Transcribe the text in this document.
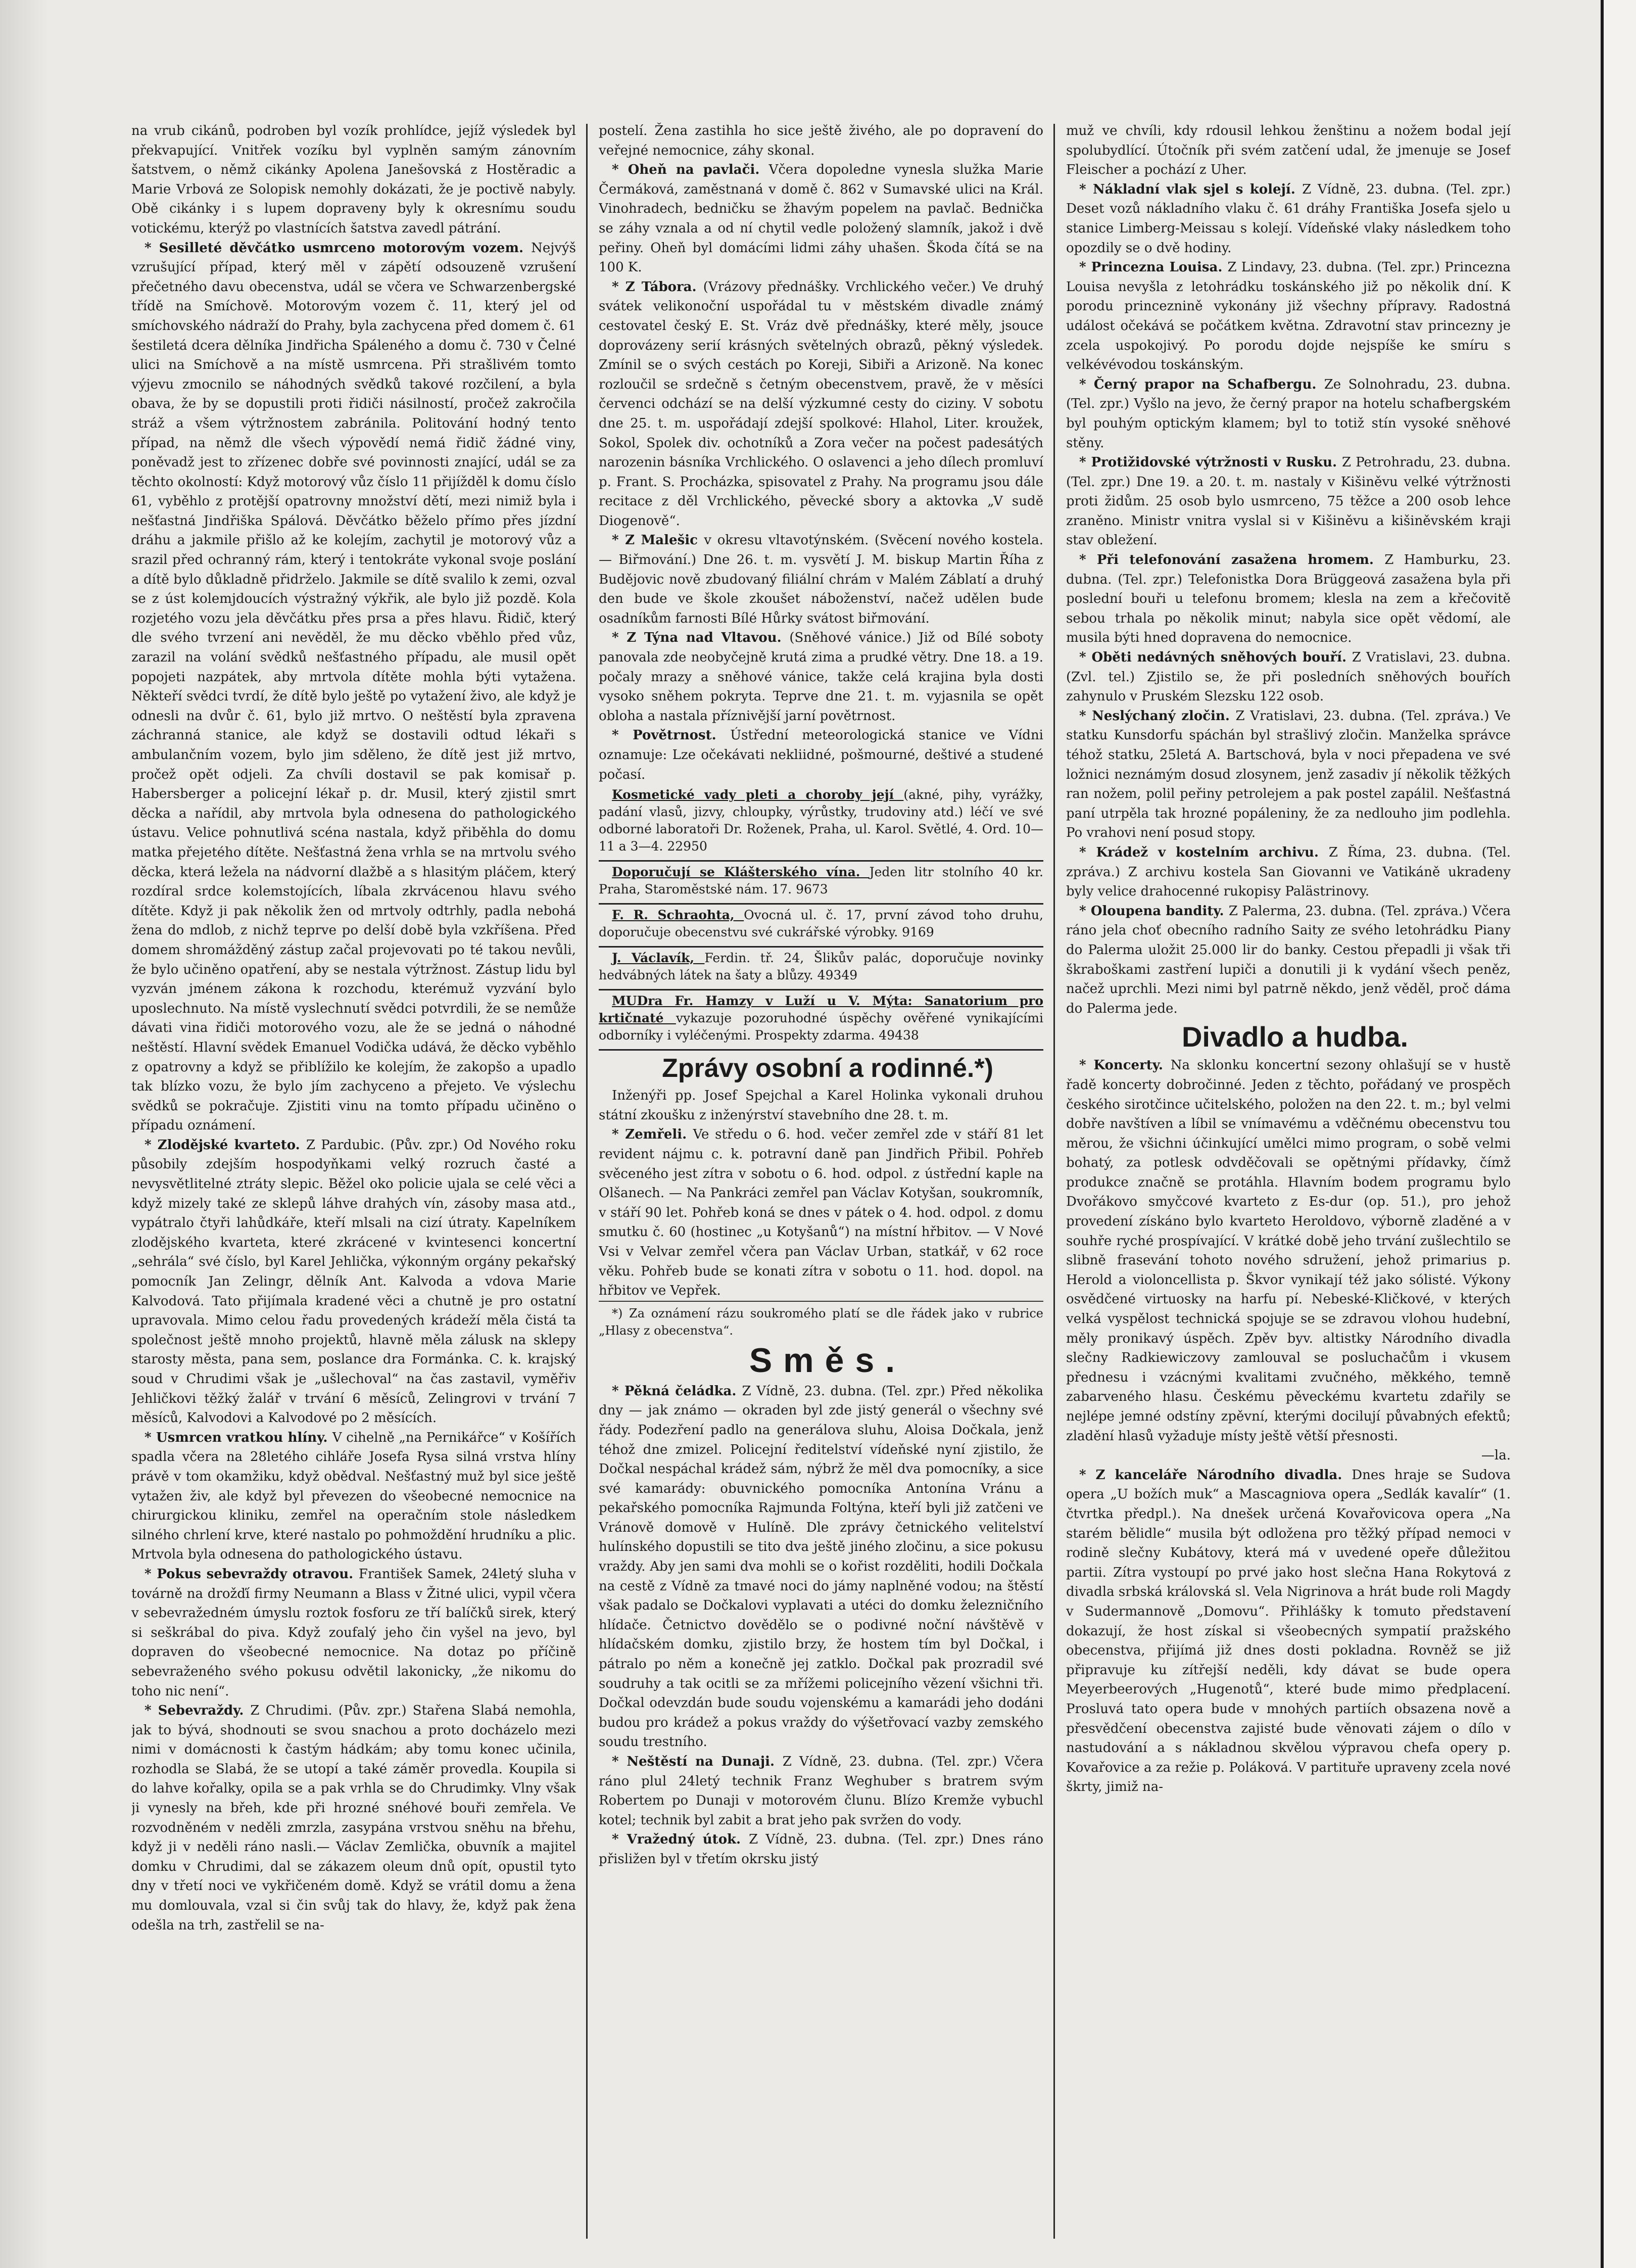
na vrub cikánů, podroben byl vozík prohlídce, jejíž výsledek byl překvapující. Vnitřek vozíku byl vyplněn samým zánovním šatstvem, o němž cikánky Apolena Janešovská z Hostěradic a Marie Vrbová ze Solopisk nemohly dokázati, že je poctivě nabyly. Obě cikánky i s lupem dopraveny byly k okresnímu soudu votickému, kterýž po vlastnících šatstva zavedl pátrání.

* Sesilleté děvčátko usmrceno motorovým vozem. Nejvýš vzrušující případ, který měl v zápětí odsouzeně vzrušení přečetného davu obecenstva, udál se včera ve Schwarzenbergské třídě na Smíchově. Motorovým vozem č. 11, který jel od smíchovského nádraží do Prahy, byla zachycena před domem č. 61 šestiletá dcera dělníka Jindřicha Spáleného a domu č. 730 v Čelné ulici na Smíchově a na místě usmrcena. Při strašlivém tomto výjevu zmocnilo se náhodných svědků takové rozčilení, a byla obava, že by se dopustili proti řidiči násilností, pročež zakročila stráž a všem výtržnostem zabránila. Politování hodný tento případ, na němž dle všech výpovědí nemá řidič žádné viny, poněvadž jest to zřízenec dobře své povinnosti znající, udál se za těchto okolností: Když motorový vůz číslo 11 přijížděl k domu číslo 61, vyběhlo z protější opatrovny množství dětí, mezi nimiž byla i nešťastná Jindřiška Spálová. Děvčátko běželo přímo přes jízdní dráhu a jakmile přišlo až ke kolejím, zachytil je motorový vůz a srazil před ochranný rám, který i tentokráte vykonal svoje poslání a dítě bylo důkladně přidrželo. Jakmile se dítě svalilo k zemi, ozval se z úst kolemjdoucích výstražný výkřik, ale bylo již pozdě. Kola rozjetého vozu jela děvčátku přes prsa a přes hlavu. Řidič, který dle svého tvrzení ani nevěděl, že mu děcko vběhlo před vůz, zarazil na volání svědků nešťastného případu, ale musil opět popojeti nazpátek, aby mrtvola dítěte mohla býti vytažena. Někteří svědci tvrdí, že dítě bylo ještě po vytažení živo, ale když je odnesli na dvůr č. 61, bylo již mrtvo. O neštěstí byla zpravena záchranná stanice, ale když se dostavili odtud lékaři s ambulančním vozem, bylo jim sděleno, že dítě jest již mrtvo, pročež opět odjeli. Za chvíli dostavil se pak komisař p. Habersberger a policejní lékař p. dr. Musil, který zjistil smrt děcka a nařídil, aby mrtvola byla odnesena do pathologického ústavu. Velice pohnutlivá scéna nastala, když přiběhla do domu matka přejetého dítěte. Nešťastná žena vrhla se na mrtvolu svého děcka, která ležela na nádvorní dlažbě a s hlasitým pláčem, který rozdíral srdce kolemstojících, líbala zkrvácenou hlavu svého dítěte. Když ji pak několik žen od mrtvoly odtrhly, padla nebohá žena do mdlob, z nichž teprve po delší době byla vzkříšena. Před domem shromážděný zástup začal projevovati po té takou nevůli, že bylo učiněno opatření, aby se nestala výtržnost. Zástup lidu byl vyzván jménem zákona k rozchodu, kterémuž vyzvání bylo uposlechnuto. Na místě vyslechnutí svědci potvrdili, že se nemůže dávati vina řidiči motorového vozu, ale že se jedná o náhodné neštěstí. Hlavní svědek Emanuel Vodička udává, že děcko vyběhlo z opatrovny a když se přiblížilo ke kolejím, že zakopšo a upadlo tak blízko vozu, že bylo jím zachyceno a přejeto. Ve výslechu svědků se pokračuje. Zjistiti vinu na tomto případu učiněno o případu oznámení.

* Zlodějské kvarteto. Z Pardubic. (Pův. zpr.) Od Nového roku působily zdejším hospodyňkami velký rozruch časté a nevysvětlitelné ztráty slepic. Běžel oko policie ujala se celé věci a když mizely také ze sklepů láhve drahých vín, zásoby masa atd., vypátralo čtyři lahůdkáře, kteří mlsali na cizí útraty. Kapelníkem zlodějského kvarteta, které zkrácené v kvintesenci koncertní „sehrála“ své číslo, byl Karel Jehlička, výkonným orgány pekařský pomocník Jan Zelingr, dělník Ant. Kalvoda a vdova Marie Kalvodová. Tato přijímala kradené věci a chutně je pro ostatní upravovala. Mimo celou řadu provedených krádeží měla čistá ta společnost ještě mnoho projektů, hlavně měla zálusk na sklepy starosty města, pana sem, poslance dra Formánka. C. k. krajský soud v Chrudimi však je „ušlechoval“ na čas zastavil, vyměřiv Jehličkovi těžký žalář v trvání 6 měsíců, Zelingrovi v trvání 7 měsíců, Kalvodovi a Kalvodové po 2 měsících.

* Usmrcen vratkou hlíny. V cihelně „na Pernikářce“ v Košířích spadla včera na 28letého cihláře Josefa Rysa silná vrstva hlíny právě v tom okamžiku, když obědval. Nešťastný muž byl sice ještě vytažen živ, ale když byl převezen do všeobecné nemocnice na chirurgickou kliniku, zemřel na operačním stole následkem silného chrlení krve, které nastalo po pohmoždění hrudníku a plic. Mrtvola byla odnesena do pathologického ústavu.

* Pokus sebevraždy otravou. František Samek, 24letý sluha v továrně na drožďí firmy Neumann a Blass v Žitné ulici, vypil včera v sebevražedném úmyslu roztok fosforu ze tří balíčků sirek, který si seškrábal do piva. Když zoufalý jeho čin vyšel na jevo, byl dopraven do všeobecné nemocnice. Na dotaz po příčině sebevraženého svého pokusu odvětil lakonicky, „že nikomu do toho nic není“.

* Sebevraždy. Z Chrudimi. (Pův. zpr.) Stařena Slabá nemohla, jak to bývá, shodnouti se svou snachou a proto docházelo mezi nimi v domácnosti k častým hádkám; aby tomu konec učinila, rozhodla se Slabá, že se utopí a také záměr provedla. Koupila si do lahve kořalky, opila se a pak vrhla se do Chrudimky. Vlny však ji vynesly na břeh, kde při hrozné snéhové bouři zemřela. Ve rozvodněném v neděli zmrzla, zasypána vrstvou sněhu na břehu, když ji v neděli ráno nasli.— Václav Zemlička, obuvník a majitel domku v Chrudimi, dal se zákazem oleum dnů opít, opustil tyto dny v třetí noci ve vykřičeném domě. Když se vrátil domu a žena mu domlouvala, vzal si čin svůj tak do hlavy, že, když pak žena odešla na trh, zastřelil se na-

postelí. Žena zastihla ho sice ještě živého, ale po dopravení do veřejné nemocnice, záhy skonal.

* Oheň na pavlači. Včera dopoledne vynesla služka Marie Čermáková, zaměstnaná v domě č. 862 v Sumavské ulici na Král. Vinohradech, bedničku se žhavým popelem na pavlač. Bednička se záhy vznala a od ní chytil vedle položený slamník, jakož i dvě peřiny. Oheň byl domácími lidmi záhy uhašen. Škoda čítá se na 100 K.

* Z Tábora. (Vrázovy přednášky. Vrchlického večer.) Ve druhý svátek velikonoční uspořádal tu v městském divadle známý cestovatel český E. St. Vráz dvě přednášky, které měly, jsouce doprovázeny serií krásných světelných obrazů, pěkný výsledek. Zmínil se o svých cestách po Koreji, Sibiři a Arizoně. Na konec rozloučil se srdečně s četným obecenstvem, pravě, že v měsíci červenci odchází se na delší výzkumné cesty do ciziny. V sobotu dne 25. t. m. uspořádají zdejší spolkové: Hlahol, Liter. kroužek, Sokol, Spolek div. ochotníků a Zora večer na počest padesátých narozenin básníka Vrchlického. O oslavenci a jeho dílech promluví p. Frant. S. Procházka, spisovatel z Prahy. Na programu jsou dále recitace z děl Vrchlického, pěvecké sbory a aktovka „V sudě Diogenově“.

* Z Malešic v okresu vltavotýnském. (Svěcení nového kostela. — Biřmování.) Dne 26. t. m. vysvětí J. M. biskup Martin Říha z Budějovic nově zbudovaný filiální chrám v Malém Záblatí a druhý den bude ve škole zkoušet náboženství, načež udělen bude osadníkům farnosti Bílé Hůrky svátost biřmování.

* Z Týna nad Vltavou. (Sněhové vánice.) Již od Bílé soboty panovala zde neobyčejně krutá zima a prudké větry. Dne 18. a 19. počaly mrazy a sněhové vánice, takže celá krajina byla dosti vysoko sněhem pokryta. Teprve dne 21. t. m. vyjasnila se opět obloha a nastala příznivější jarní povětrnost.

* Povětrnost. Ústřední meteorologická stanice ve Vídni oznamuje: Lze očekávati nekliidné, pošmourné, deštivé a studené počasí.

Kosmetické vady pleti a choroby její (akné, pihy, vyrážky, padání vlasů, jizvy, chloupky, výrůstky, trudoviny atd.) léčí ve své odborné laboratoři Dr. Roženek, Praha, ul. Karol. Světlé, 4. Ord. 10—11 a 3—4. 22950

Doporučují se Klášterského vína. Jeden litr stolního 40 kr. Praha, Staroměstské nám. 17. 9673

F. R. Schraohta, Ovocná ul. č. 17, první závod toho druhu, doporučuje obecenstvu své cukrářské výrobky. 9169

J. Václavík, Ferdin. tř. 24, Šlikův palác, doporučuje novinky hedvábných látek na šaty a blůzy. 49349

MUDra Fr. Hamzy v Luží u V. Mýta: Sanatorium pro krtičnaté vykazuje pozoruhodné úspěchy ověřené vynikajícími odborníky i vyléčenými. Prospekty zdarma. 49438

Zprávy osobní a rodinné.*)

Inženýři pp. Josef Spejchal a Karel Holinka vykonali druhou státní zkoušku z inženýrství stavebního dne 28. t. m.

* Zemřeli. Ve středu o 6. hod. večer zemřel zde v stáří 81 let revident nájmu c. k. potravní daně pan Jindřich Přibil. Pohřeb svěceného jest zítra v sobotu o 6. hod. odpol. z ústřední kaple na Olšanech. — Na Pankráci zemřel pan Václav Kotyšan, soukromník, v stáří 90 let. Pohřeb koná se dnes v pátek o 4. hod. odpol. z domu smutku č. 60 (hostinec „u Kotyšanů“) na místní hřbitov. — V Nové Vsi v Velvar zemřel včera pan Václav Urban, statkář, v 62 roce věku. Pohřeb bude se konati zítra v sobotu o 11. hod. dopol. na hřbitov ve Vepřek.

*) Za oznámení rázu soukromého platí se dle řádek jako v rubrice „Hlasy z obecenstva“.

Směs.

* Pěkná čeládka. Z Vídně, 23. dubna. (Tel. zpr.) Před několika dny — jak známo — okraden byl zde jistý generál o všechny své řády. Podezření padlo na generálova sluhu, Aloisa Dočkala, jenž téhož dne zmizel. Policejní ředitelství vídeňské nyní zjistilo, že Dočkal nespáchal krádež sám, nýbrž že měl dva pomocníky, a sice své kamarády: obuvnického pomocníka Antonína Vránu a pekařského pomocníka Rajmunda Foltýna, kteří byli již zatčeni ve Vránově domově v Hulíně. Dle zprávy četnického velitelství hulínského dopustili se tito dva ještě jiného zločinu, a sice pokusu vraždy. Aby jen sami dva mohli se o kořist rozděliti, hodili Dočkala na cestě z Vídně za tmavé noci do jámy naplněné vodou; na štěstí však padalo se Dočkalovi vyplavati a utéci do domku železničního hlídače. Četnictvo dovědělo se o podivné noční návštěvě v hlídačském domku, zjistilo brzy, že hostem tím byl Dočkal, i pátralo po něm a konečně jej zatklo. Dočkal pak prozradil své soudruhy a tak ocitli se za mřížemi policejního vězení všichni tři. Dočkal odevzdán bude soudu vojenskému a kamarádi jeho dodáni budou pro krádež a pokus vraždy do výšetřovací vazby zemského soudu trestního.

* Neštěstí na Dunaji. Z Vídně, 23. dubna. (Tel. zpr.) Včera ráno plul 24letý technik Franz Weghuber s bratrem svým Robertem po Dunaji v motorovém člunu. Blízo Kremže vybuchl kotel; technik byl zabit a brat jeho pak svržen do vody.

* Vražedný útok. Z Vídně, 23. dubna. (Tel. zpr.) Dnes ráno přisližen byl v třetím okrsku jistý

muž ve chvíli, kdy rdousil lehkou ženštinu a nožem bodal její spolubydlící. Útočník při svém zatčení udal, že jmenuje se Josef Fleischer a pochází z Uher.

* Nákladní vlak sjel s kolejí. Z Vídně, 23. dubna. (Tel. zpr.) Deset vozů nákladního vlaku č. 61 dráhy Františka Josefa sjelo u stanice Limberg-Meissau s kolejí. Vídeňské vlaky následkem toho opozdily se o dvě hodiny.

* Princezna Louisa. Z Lindavy, 23. dubna. (Tel. zpr.) Princezna Louisa nevyšla z letohrádku toskánského již po několik dní. K porodu princeznině vykonány již všechny přípravy. Radostná událost očekává se počátkem května. Zdravotní stav princezny je zcela uspokojivý. Po porodu dojde nejspíše ke smíru s velkévévodou toskánským.

* Černý prapor na Schafbergu. Ze Solnohradu, 23. dubna. (Tel. zpr.) Vyšlo na jevo, že černý prapor na hotelu schafbergském byl pouhým optickým klamem; byl to totiž stín vysoké sněhové stěny.

* Protižidovské výtržnosti v Rusku. Z Petrohradu, 23. dubna. (Tel. zpr.) Dne 19. a 20. t. m. nastaly v Kišiněvu velké výtržnosti proti židům. 25 osob bylo usmrceno, 75 těžce a 200 osob lehce zraněno. Ministr vnitra vyslal si v Kišiněvu a kišiněvském kraji stav obležení.

* Při telefonování zasažena hromem. Z Hamburku, 23. dubna. (Tel. zpr.) Telefonistka Dora Brüggeová zasažena byla při poslední bouři u telefonu bromem; klesla na zem a křečovitě sebou trhala po několik minut; nabyla sice opět vědomí, ale musila býti hned dopravena do nemocnice.

* Oběti nedávných sněhových bouří. Z Vratislavi, 23. dubna. (Zvl. tel.) Zjistilo se, že při posledních sněhových bouřích zahynulo v Pruském Slezsku 122 osob.

* Neslýchaný zločin. Z Vratislavi, 23. dubna. (Tel. zpráva.) Ve statku Kunsdorfu spáchán byl strašlivý zločin. Manželka správce téhož statku, 25letá A. Bartschová, byla v noci přepadena ve své ložnici neznámým dosud zlosynem, jenž zasadiv jí několik těžkých ran nožem, polil peřiny petrolejem a pak postel zapálil. Nešťastná paní utrpěla tak hrozné popáleniny, že za nedlouho jim podlehla. Po vrahovi není posud stopy.

* Krádež v kostelním archivu. Z Říma, 23. dubna. (Tel. zpráva.) Z archivu kostela San Giovanni ve Vatikáně ukradeny byly velice drahocenné rukopisy Palästrinovy.

* Oloupena bandity. Z Palerma, 23. dubna. (Tel. zpráva.) Včera ráno jela choť obecního radního Saity ze svého letohrádku Piany do Palerma uložit 25.000 lir do banky. Cestou přepadli ji však tři škraboškami zastření lupiči a donutili ji k vydání všech peněz, načež uprchli. Mezi nimi byl patrně někdo, jenž věděl, proč dáma do Palerma jede.

Divadlo a hudba.

* Koncerty. Na sklonku koncertní sezony ohlašují se v hustě řadě koncerty dobročinné. Jeden z těchto, pořádaný ve prospěch českého sirotčince učitelského, položen na den 22. t. m.; byl velmi dobře navštíven a líbil se vnímavému a vděčnému obecenstvu tou měrou, že všichni účinkující umělci mimo program, o sobě velmi bohatý, za potlesk odvděčovali se opětnými přídavky, čímž produkce značně se protáhla. Hlavním bodem programu bylo Dvořákovo smyčcové kvarteto z Es-dur (op. 51.), pro jehož provedení získáno bylo kvarteto Heroldovo, výborně zladěné a v souhře ryché prospívající. V krátké době jeho trvání zušlechtilo se slibně frasevání tohoto nového sdružení, jehož primarius p. Herold a violoncellista p. Škvor vynikají též jako sólisté. Výkony osvědčené virtuosky na harfu pí. Nebeské-Kličkové, v kterých velká vyspělost technická spojuje se se zdravou vlohou hudební, měly pronikavý úspěch. Zpěv byv. altistky Národního divadla slečny Radkiewiczovy zamlouval se posluchačům i vkusem přednesu i vzácnými kvalitami zvučného, měkkého, temně zabarveného hlasu. Českému pěveckému kvartetu zdařily se nejlépe jemné odstíny zpěvní, kterými docilují půvabných efektů; zladění hlasů vyžaduje místy ještě větší přesnosti.

—la.

* Z kanceláře Národního divadla. Dnes hraje se Sudova opera „U božích muk“ a Mascagniova opera „Sedlák kavalír“ (1. čtvrtka předpl.). Na dnešek určená Kovařovicova opera „Na starém bělidle“ musila být odložena pro těžký případ nemoci v rodině slečny Kubátovy, která má v uvedené opeře důležitou partii. Zítra vystoupí po prvé jako host slečna Hana Rokytová z divadla srbská královská sl. Vela Nigrinova a hrát bude roli Magdy v Sudermannově „Domovu“. Přihlášky k tomuto představení dokazují, že host získal si všeobecných sympatií pražského obecenstva, přijímá již dnes dosti pokladna. Rovněž se již připravuje ku zítřejší neděli, kdy dávat se bude opera Meyerbeerových „Hugenotů“, které bude mimo předplacení. Prosluvá tato opera bude v mnohých partiích obsazena nově a přesvědčení obecenstva zajisté bude věnovati zájem o dílo v nastudování a s nákladnou skvělou výpravou chefa opery p. Kovařovice a za režie p. Poláková. V partituře upraveny zcela nové škrty, jimiž na-
